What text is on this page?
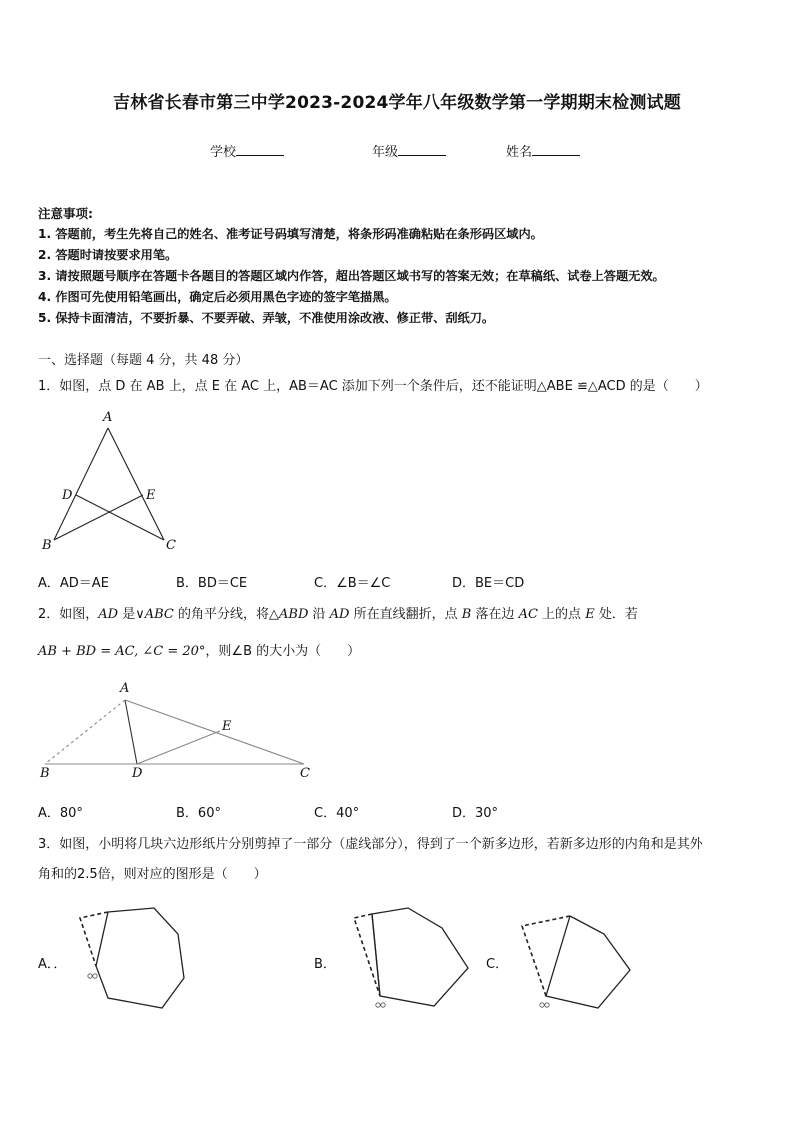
吉林省长春市第三中学2023-2024学年八年级数学第一学期期末检测试题
学校	年级	姓名
注意事项:
1. 答题前，考生先将自己的姓名、准考证号码填写清楚，将条形码准确粘贴在条形码区域内。
2. 答题时请按要求用笔。
3. 请按照题号顺序在答题卡各题目的答题区域内作答，超出答题区域书写的答案无效；在草稿纸、试卷上答题无效。
4. 作图可先使用铅笔画出，确定后必须用黑色字迹的签字笔描黑。
5. 保持卡面清洁，不要折暴、不要弄破、弄皱，不准使用涂改液、修正带、刮纸刀。
一、选择题（每题 4 分，共 48 分）
1．如图，点 D 在 AB 上，点 E 在 AC 上，AB＝AC 添加下列一个条件后，还不能证明△ABE ≌△ACD 的是（　　）
A
D	E
B	C
A．AD＝AE	B．BD＝CE	C．∠B＝∠C	D．BE＝CD
2．如图，AD 是∨ABC 的角平分线，将△ABD 沿 AD 所在直线翻折，点 B 落在边 AC 上的点 E 处．若
AB + BD = AC, ∠C = 20°，则∠B 的大小为（　　）
A
E
B	D	C
A．80°	B．60°	C．40°	D．30°
3．如图，小明将几块六边形纸片分别剪掉了一部分（虚线部分），得到了一个新多边形，若新多边形的内角和是其外
角和的2.5倍，则对应的图形是（　　）
A．．	B．	C．
